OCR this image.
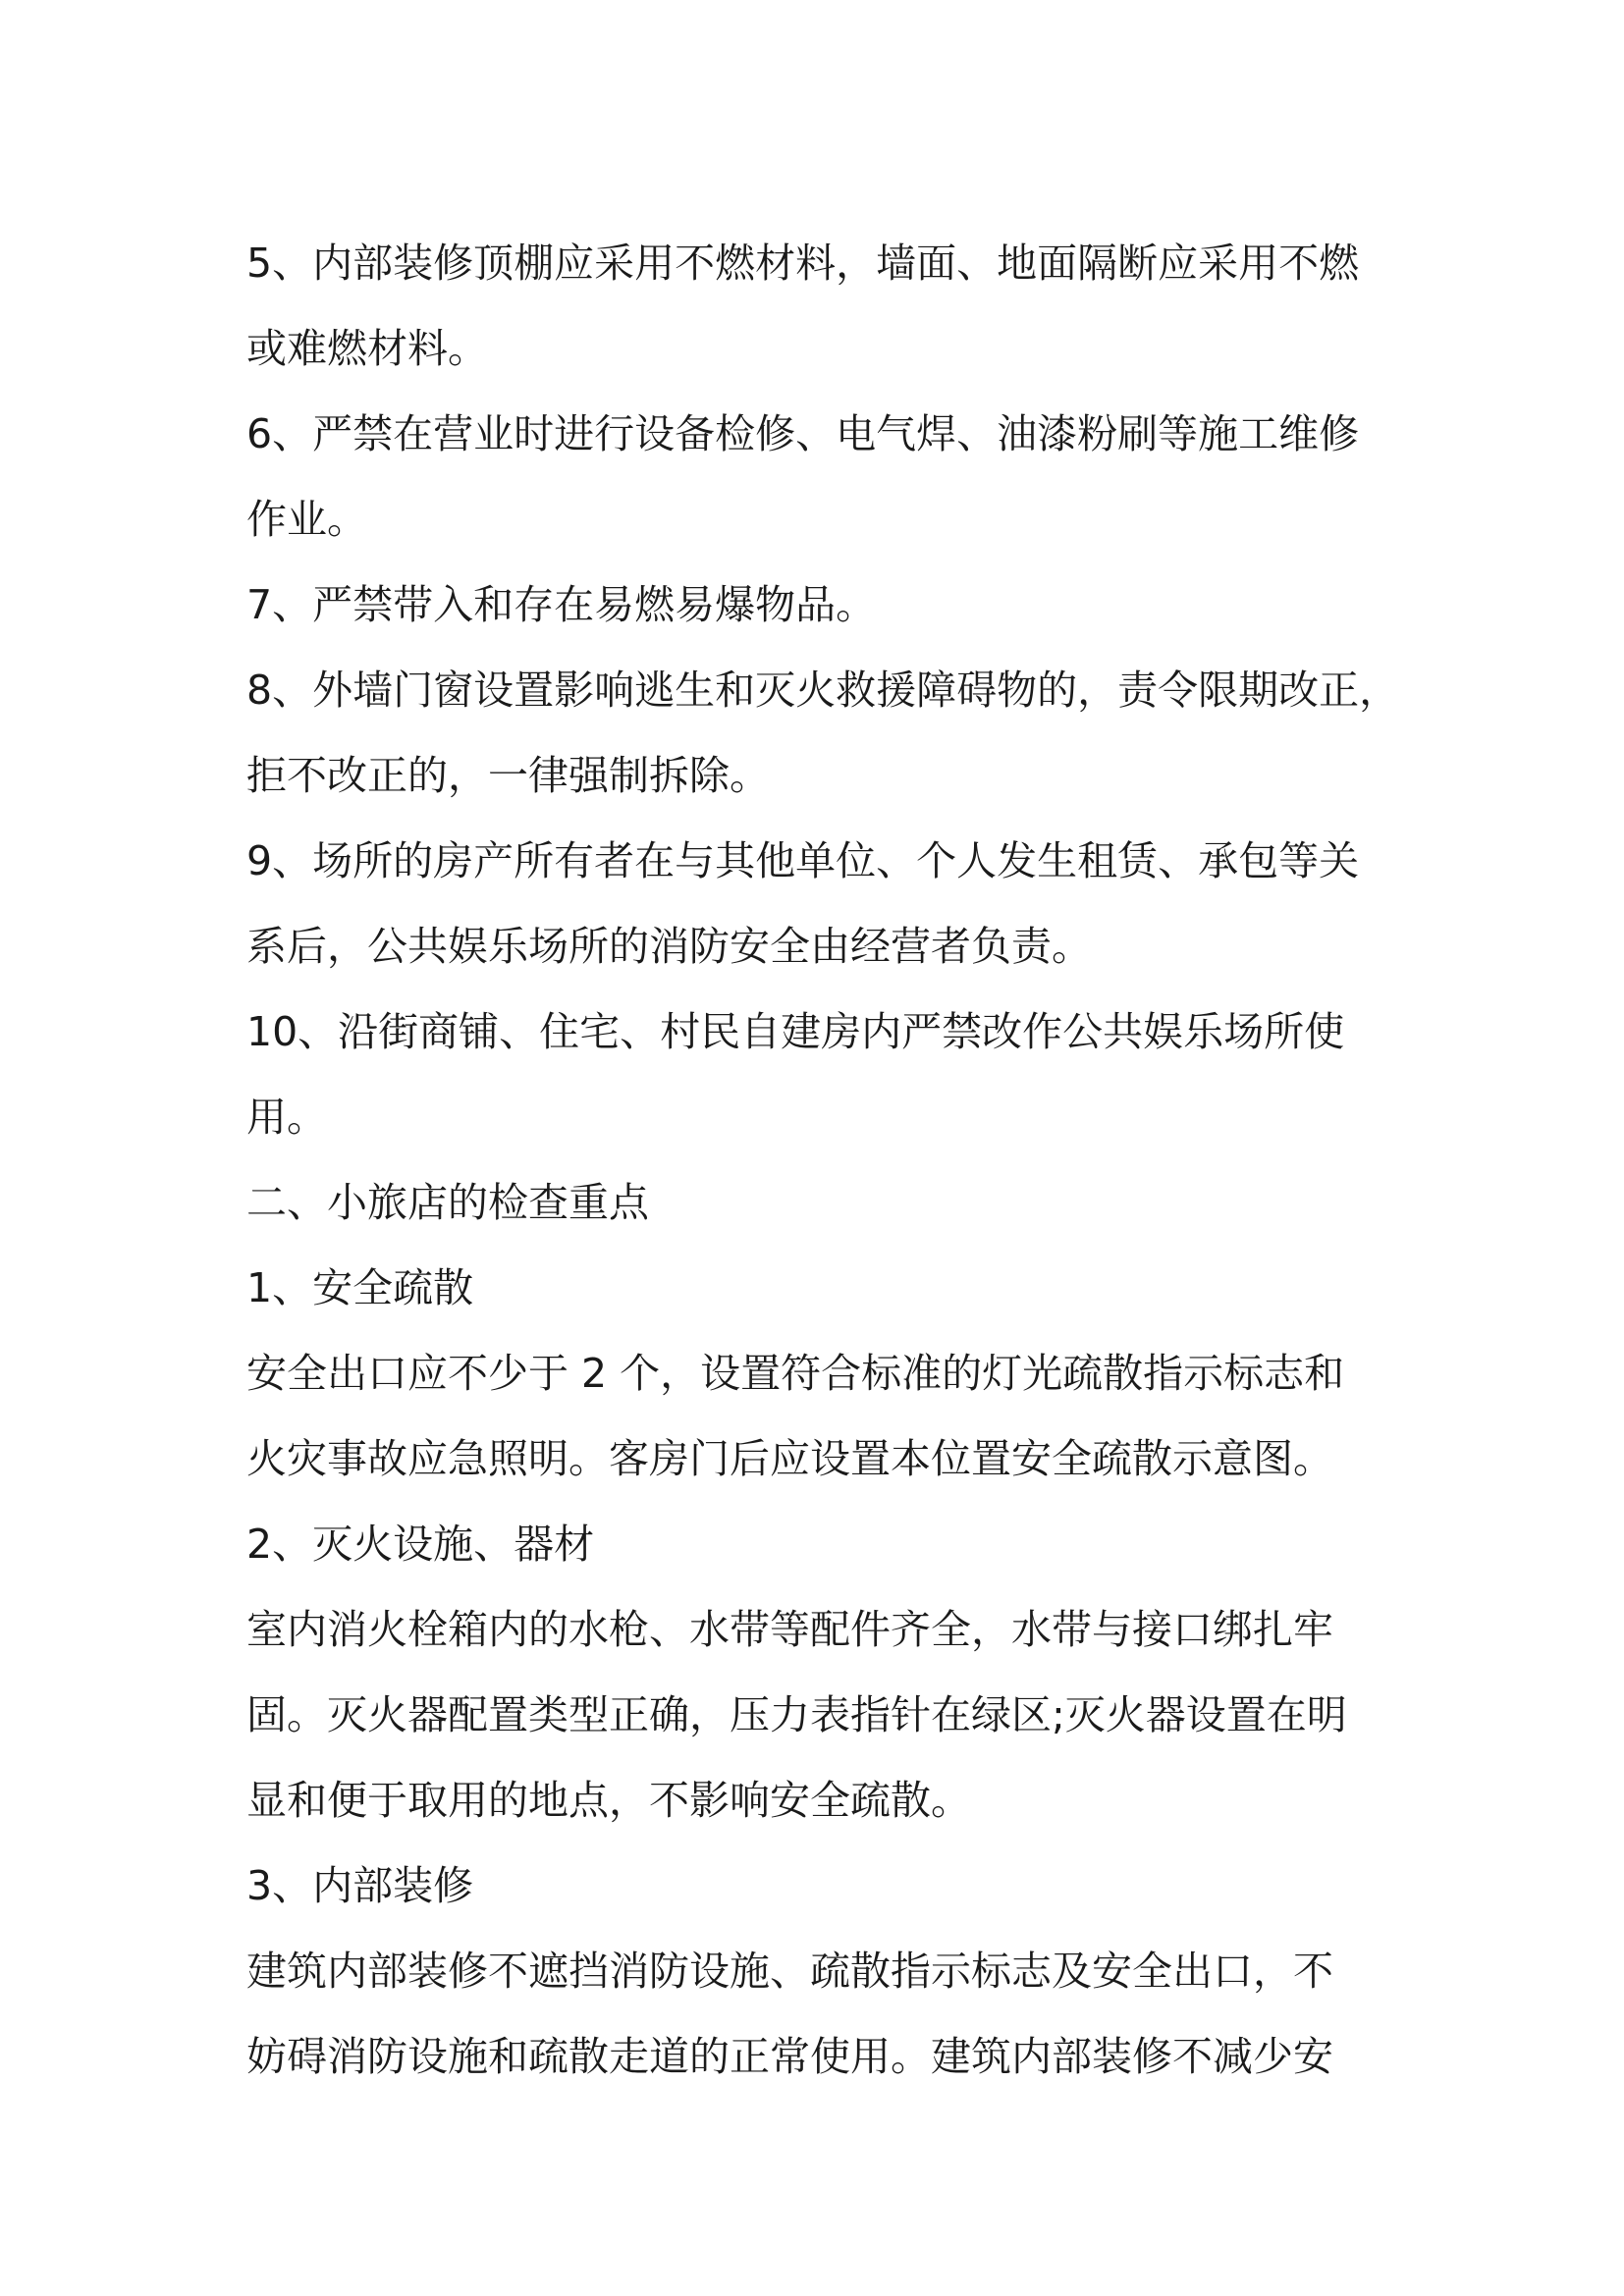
5、内部装修顶棚应采用不燃材料，墙面、地面隔断应采用不燃
或难燃材料。
6、严禁在营业时进行设备检修、电气焊、油漆粉刷等施工维修
作业。
7、严禁带入和存在易燃易爆物品。
8、外墙门窗设置影响逃生和灭火救援障碍物的，责令限期改正，
拒不改正的，一律强制拆除。
9、场所的房产所有者在与其他单位、个人发生租赁、承包等关
系后，公共娱乐场所的消防安全由经营者负责。
10、沿街商铺、住宅、村民自建房内严禁改作公共娱乐场所使
用。
二、小旅店的检查重点
1、安全疏散
安全出口应不少于 2 个，设置符合标准的灯光疏散指示标志和
火灾事故应急照明。客房门后应设置本位置安全疏散示意图。
2、灭火设施、器材
室内消火栓箱内的水枪、水带等配件齐全，水带与接口绑扎牢
固。灭火器配置类型正确，压力表指针在绿区;灭火器设置在明
显和便于取用的地点，不影响安全疏散。
3、内部装修
建筑内部装修不遮挡消防设施、疏散指示标志及安全出口，不
妨碍消防设施和疏散走道的正常使用。建筑内部装修不减少安
